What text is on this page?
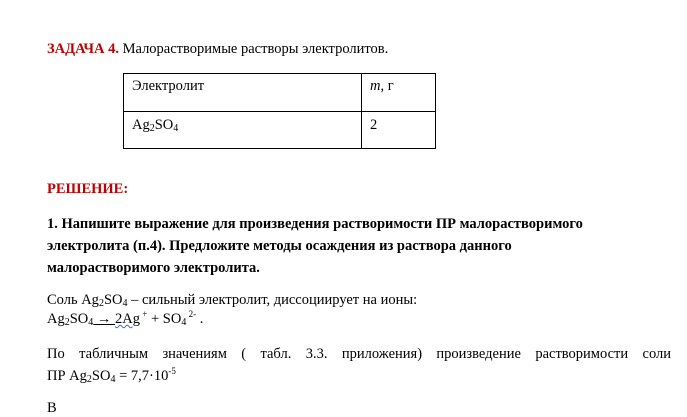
ЗАДАЧА 4. Малорастворимые растворы электролитов.
Электролит	m, г
Ag2SO4	2
РЕШЕНИЕ:
1. Напишите выражение для произведения растворимости ПР малорастворимого
электролита (п.4). Предложите методы осаждения из раствора данного
малорастворимого электролита.
Соль Ag2SO4 – сильный электролит, диссоциирует на ионы:
Ag2SO4 → 2Ag + + SO4 $^{2-}$ .
По табличным значениям ( табл. 3.3. приложения) произведение растворимости соли
ПР $Ag2SO4 = 7,7\cdot 10^{-5}$
В
